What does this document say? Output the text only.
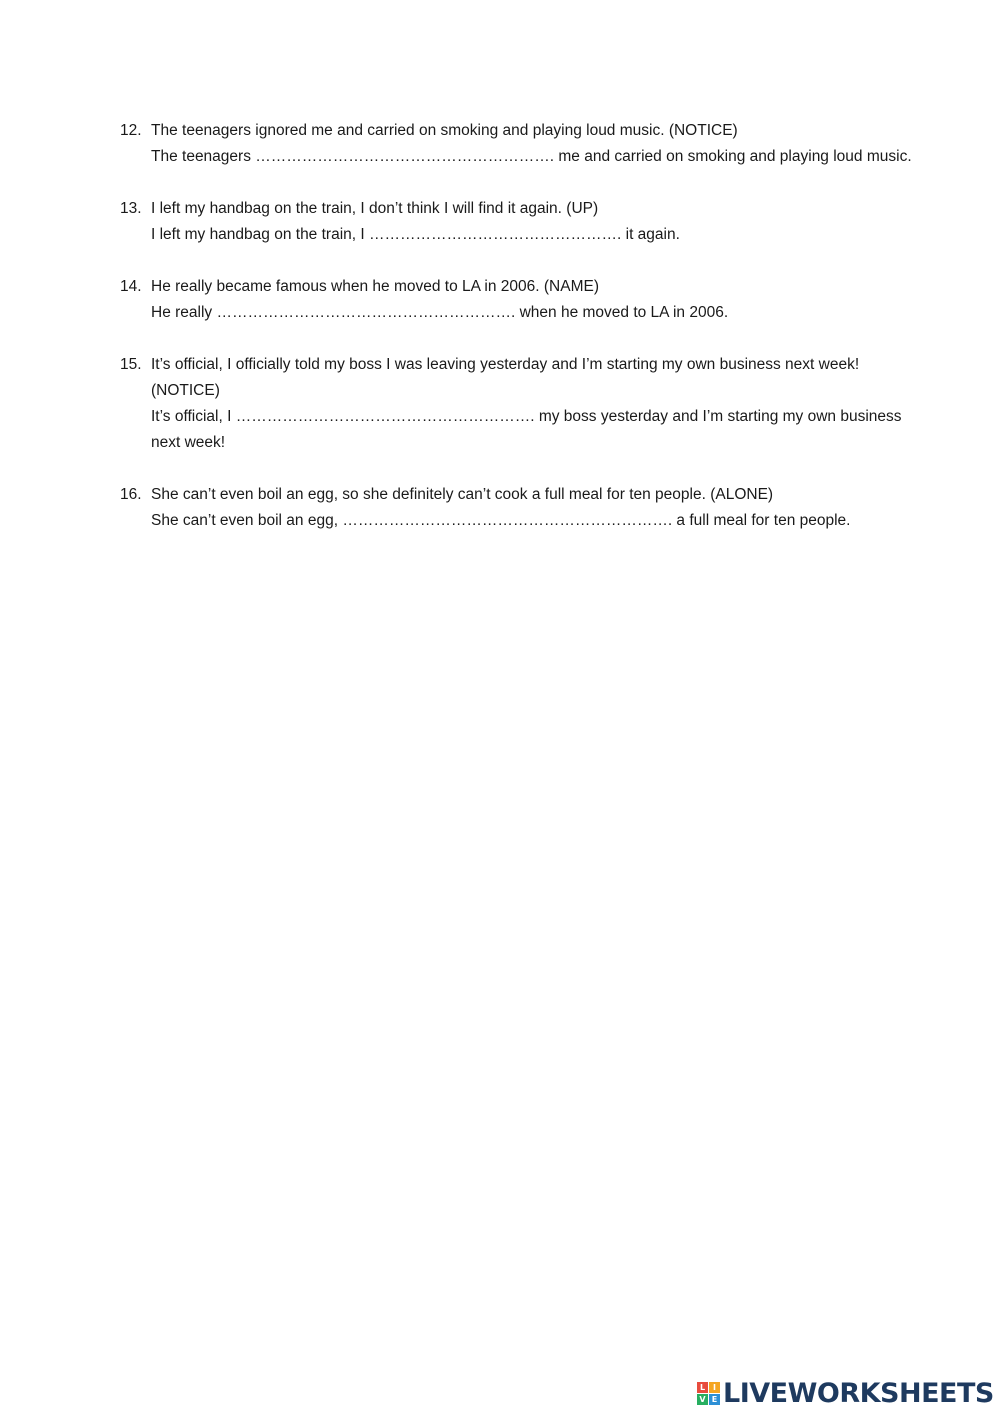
12. The teenagers ignored me and carried on smoking and playing loud music. (NOTICE)
The teenagers …………………………………………………. me and carried on smoking and playing loud music.
13. I left my handbag on the train, I don’t think I will find it again. (UP)
I left my handbag on the train, I …………………………………………. it again.
14. He really became famous when he moved to LA in 2006. (NAME)
He really …………………………………………………. when he moved to LA in 2006.
15. It’s official, I officially told my boss I was leaving yesterday and I’m starting my own business next week! (NOTICE)
It’s official, I …………………………………………………. my boss yesterday and I’m starting my own business next week!
16. She can’t even boil an egg, so she definitely can’t cook a full meal for ten people. (ALONE)
She can’t even boil an egg, ………………………………………………………. a full meal for ten people.
L I
V E LIVEWORKSHEETS
